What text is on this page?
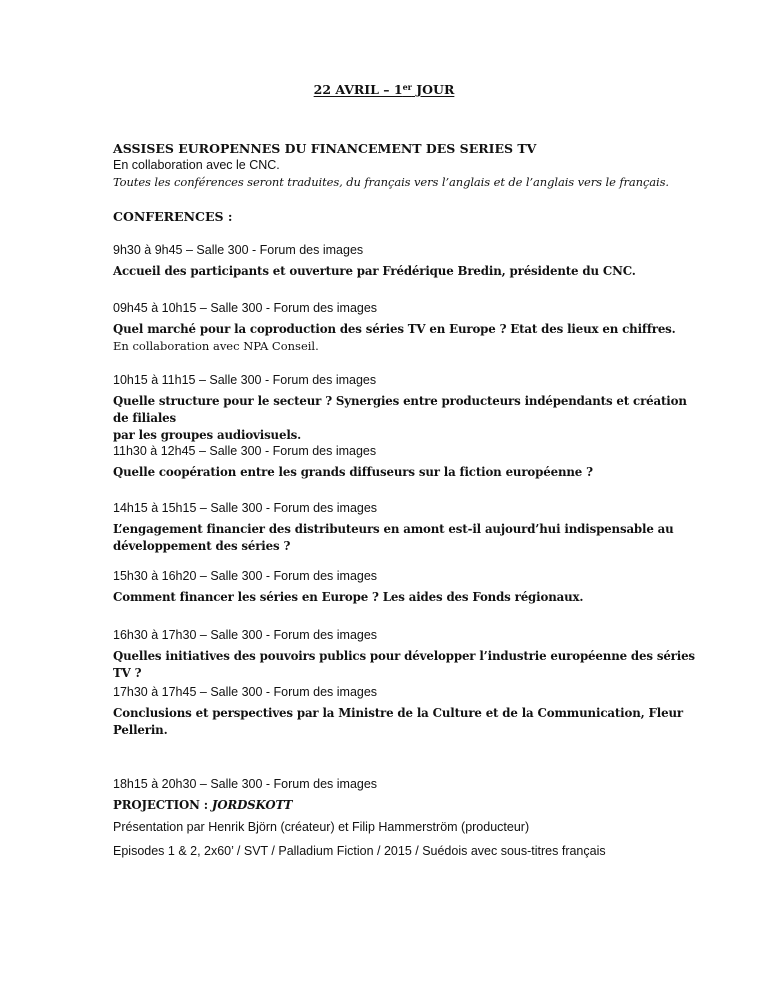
22 AVRIL – 1er JOUR
ASSISES EUROPENNES DU FINANCEMENT DES SERIES TV
En collaboration avec le CNC.
Toutes les conférences seront traduites, du français vers l’anglais et de l’anglais vers le français.
CONFERENCES :
9h30 à 9h45 – Salle 300 - Forum des images
Accueil des participants et ouverture par Frédérique Bredin, présidente du CNC.
09h45 à 10h15 – Salle 300 - Forum des images
Quel marché pour la coproduction des séries TV en Europe ? Etat des lieux en chiffres.
En collaboration avec NPA Conseil.
10h15 à 11h15 – Salle 300 - Forum des images
Quelle structure pour le secteur ? Synergies entre producteurs indépendants et création de filiales
par les groupes audiovisuels.
11h30 à 12h45 – Salle 300 - Forum des images
Quelle coopération entre les grands diffuseurs sur la fiction européenne ?
14h15 à 15h15 – Salle 300 - Forum des images
L’engagement financier des distributeurs en amont est-il aujourd’hui indispensable au
développement des séries ?
15h30 à 16h20 – Salle 300 - Forum des images
Comment financer les séries en Europe ? Les aides des Fonds régionaux.
16h30 à 17h30 – Salle 300 - Forum des images
Quelles initiatives des pouvoirs publics pour développer l’industrie européenne des séries TV ?
17h30 à 17h45 – Salle 300 - Forum des images
Conclusions et perspectives par la Ministre de la Culture et de la Communication, Fleur Pellerin.
18h15 à 20h30 – Salle 300 - Forum des images
PROJECTION : JORDSKOTT
Présentation par Henrik Björn (créateur) et Filip Hammerström (producteur)
Episodes 1 & 2, 2x60’ / SVT / Palladium Fiction / 2015 / Suédois avec sous-titres français
